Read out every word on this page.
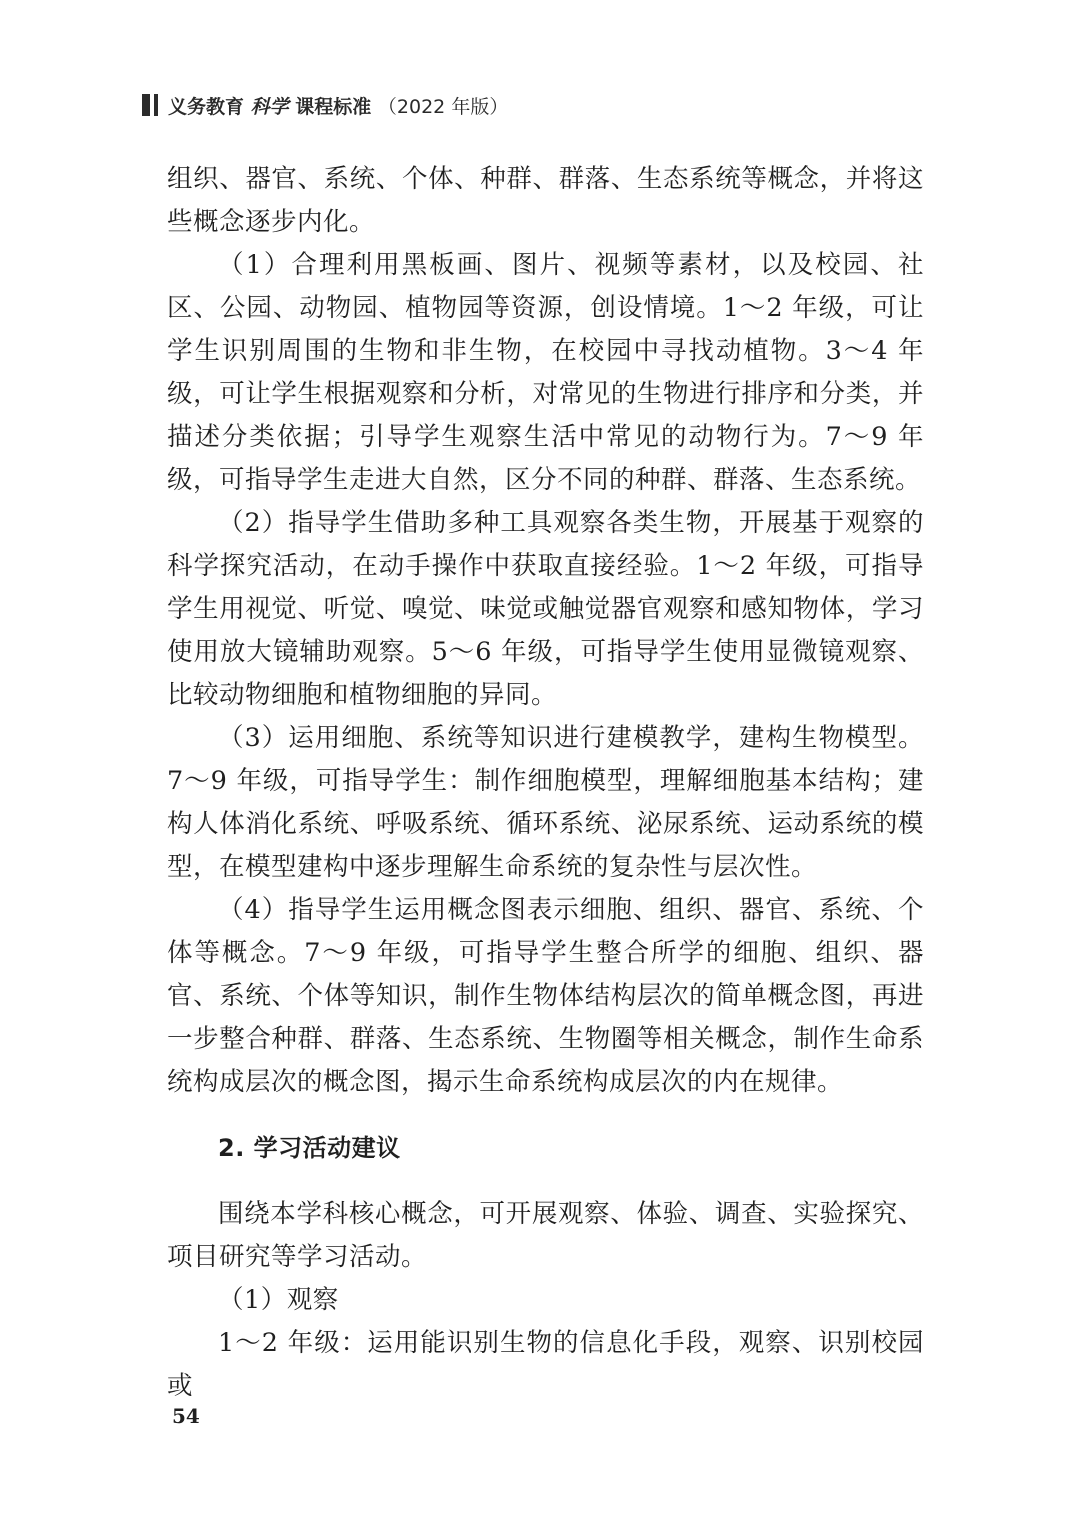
义务教育 科学 课程标准 （2022 年版）

组织、器官、系统、个体、种群、群落、生态系统等概念，并将这些概念逐步内化。

（1）合理利用黑板画、图片、视频等素材，以及校园、社区、公园、动物园、植物园等资源，创设情境。1～2 年级，可让学生识别周围的生物和非生物，在校园中寻找动植物。3～4 年级，可让学生根据观察和分析，对常见的生物进行排序和分类，并描述分类依据；引导学生观察生活中常见的动物行为。7～9 年级，可指导学生走进大自然，区分不同的种群、群落、生态系统。

（2）指导学生借助多种工具观察各类生物，开展基于观察的科学探究活动，在动手操作中获取直接经验。1～2 年级，可指导学生用视觉、听觉、嗅觉、味觉或触觉器官观察和感知物体，学习使用放大镜辅助观察。5～6 年级，可指导学生使用显微镜观察、比较动物细胞和植物细胞的异同。

（3）运用细胞、系统等知识进行建模教学，建构生物模型。7～9 年级，可指导学生：制作细胞模型，理解细胞基本结构；建构人体消化系统、呼吸系统、循环系统、泌尿系统、运动系统的模型，在模型建构中逐步理解生命系统的复杂性与层次性。

（4）指导学生运用概念图表示细胞、组织、器官、系统、个体等概念。7～9 年级，可指导学生整合所学的细胞、组织、器官、系统、个体等知识，制作生物体结构层次的简单概念图，再进一步整合种群、群落、生态系统、生物圈等相关概念，制作生命系统构成层次的概念图，揭示生命系统构成层次的内在规律。

2. 学习活动建议

围绕本学科核心概念，可开展观察、体验、调查、实验探究、项目研究等学习活动。

（1）观察

1～2 年级：运用能识别生物的信息化手段，观察、识别校园或

54
